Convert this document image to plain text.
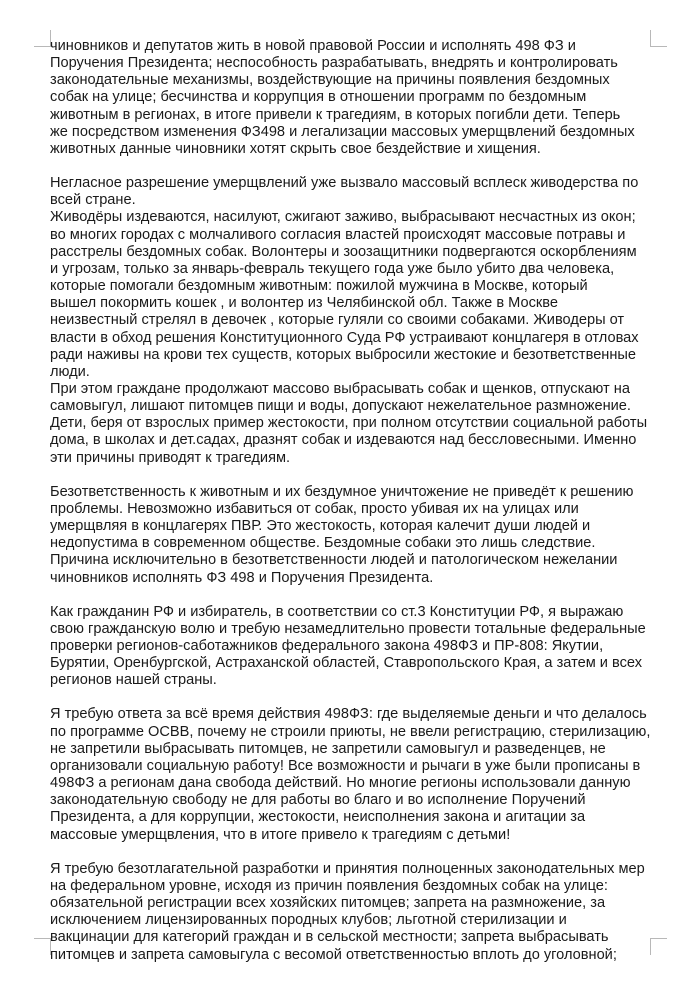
чиновников и депутатов жить в новой правовой России и исполнять 498 ФЗ и
Поручения Президента; неспособность разрабатывать, внедрять и контролировать
законодательные механизмы, воздействующие на причины появления бездомных
собак на улице; бесчинства и коррупция в отношении программ по бездомным
животным в регионах, в итоге привели к трагедиям, в которых погибли дети. Теперь
же посредством изменения ФЗ498 и легализации массовых умерщвлений бездомных
животных данные чиновники хотят скрыть свое бездействие и хищения.

Негласное разрешение умерщвлений уже вызвало массовый всплеск живодерства по
всей стране.
Живодёры издеваются, насилуют, сжигают заживо, выбрасывают несчастных из окон;
во многих городах с молчаливого согласия властей происходят массовые потравы и
расстрелы бездомных собак. Волонтеры и зоозащитники подвергаются оскорблениям
и угрозам, только за январь-февраль текущего года уже было убито два человека,
которые помогали бездомным животным: пожилой мужчина в Москве, который
вышел покормить кошек , и волонтер из Челябинской обл. Также в Москве
неизвестный стрелял в девочек , которые гуляли со своими собаками. Живодеры от
власти в обход решения Конституционного Суда РФ устраивают концлагеря в отловах
ради наживы на крови тех существ, которых выбросили жестокие и безответственные
люди.
При этом граждане продолжают массово выбрасывать собак и щенков, отпускают на
самовыгул, лишают питомцев пищи и воды, допускают нежелательное размножение.
Дети, беря от взрослых пример жестокости, при полном отсутствии социальной работы
дома, в школах и дет.садах, дразнят собак и издеваются над бессловесными. Именно
эти причины приводят к трагедиям.

Безответственность к животным и их бездумное уничтожение не приведёт к решению
проблемы. Невозможно избавиться от собак, просто убивая их на улицах или
умерщвляя в концлагерях ПВР. Это жестокость, которая калечит души людей и
недопустима в современном обществе. Бездомные собаки это лишь следствие.
Причина исключительно в безответственности людей и патологическом нежелании
чиновников исполнять ФЗ 498 и Поручения Президента.

Как гражданин РФ и избиратель, в соответствии со ст.3 Конституции РФ, я выражаю
свою гражданскую волю и требую незамедлительно провести тотальные федеральные
проверки регионов-саботажников федерального закона 498ФЗ и ПР-808: Якутии,
Бурятии, Оренбургской, Астраханской областей, Ставропольского Края, а затем и всех
регионов нашей страны.

Я требую ответа за всё время действия 498ФЗ: где выделяемые деньги и что делалось
по программе ОСВВ, почему не строили приюты, не ввели регистрацию, стерилизацию,
не запретили выбрасывать питомцев, не запретили самовыгул и разведенцев, не
организовали социальную работу! Все возможности и рычаги в уже были прописаны в
498ФЗ а регионам дана свобода действий. Но многие регионы использовали данную
законодательную свободу не для работы во благо и во исполнение Поручений
Президента, а для коррупции, жестокости, неисполнения закона и агитации за
массовые умерщвления, что в итоге привело к трагедиям с детьми!

Я требую безотлагательной разработки и принятия полноценных законодательных мер
на федеральном уровне, исходя из причин появления бездомных собак на улице:
обязательной регистрации всех хозяйских питомцев; запрета на размножение, за
исключением лицензированных породных клубов; льготной стерилизации и
вакцинации для категорий граждан и в сельской местности; запрета выбрасывать
питомцев и запрета самовыгула с весомой ответственностью вплоть до уголовной;
